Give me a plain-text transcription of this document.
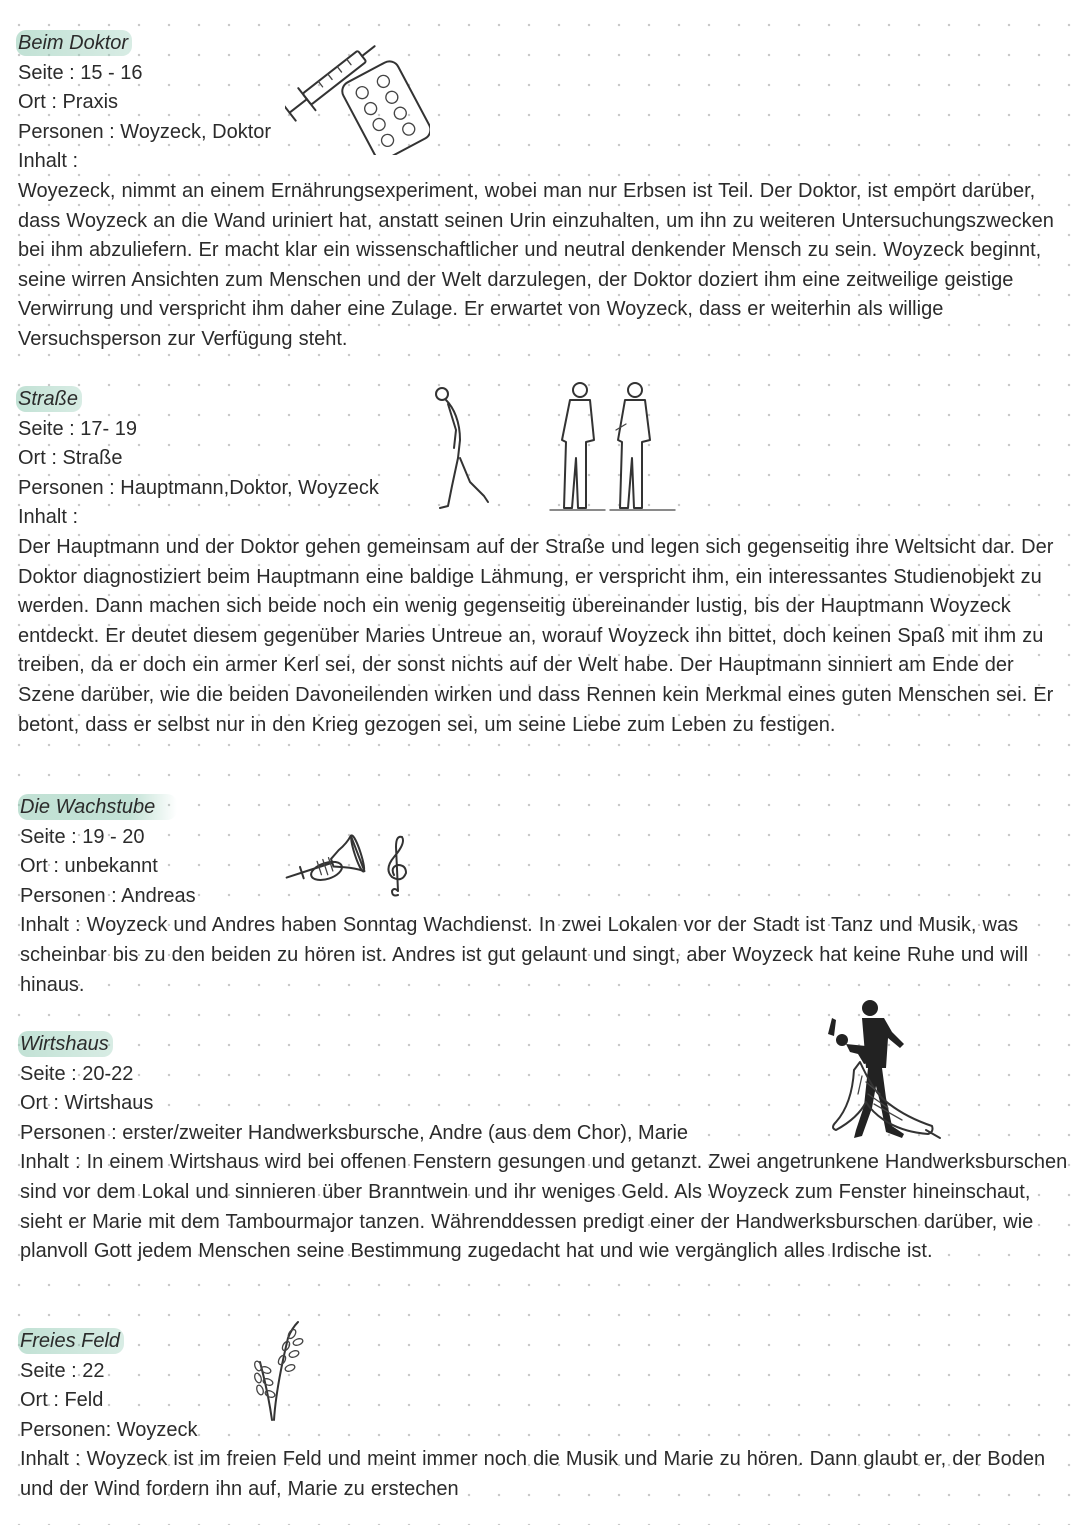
Beim Doktor
Seite : 15 - 16
Ort : Praxis
Personen : Woyzeck, Doktor
Inhalt :
Woyezeck, nimmt an einem Ernährungsexperiment, wobei man nur Erbsen ist Teil. Der Doktor, ist empört darüber, dass Woyzeck an die Wand uriniert hat, anstatt seinen Urin einzuhalten, um ihn zu weiteren Untersuchungszwecken bei ihm abzuliefern. Er macht klar ein wissenschaftlicher und neutral denkender Mensch zu sein. Woyzeck beginnt, seine wirren Ansichten zum Menschen und der Welt darzulegen, der Doktor doziert ihm eine zeitweilige geistige Verwirrung und verspricht ihm daher eine Zulage. Er erwartet von Woyzeck, dass er weiterhin als willige Versuchsperson zur Verfügung steht.
Straße
Seite : 17- 19
Ort : Straße
Personen : Hauptmann,Doktor, Woyzeck
Inhalt :
Der Hauptmann und der Doktor gehen gemeinsam auf der Straße und legen sich gegenseitig ihre Weltsicht dar. Der Doktor diagnostiziert beim Hauptmann eine baldige Lähmung, er verspricht ihm, ein interessantes Studienobjekt zu werden. Dann machen sich beide noch ein wenig gegenseitig übereinander lustig, bis der Hauptmann Woyzeck entdeckt. Er deutet diesem gegenüber Maries Untreue an, worauf Woyzeck ihn bittet, doch keinen Spaß mit ihm zu treiben, da er doch ein armer Kerl sei, der sonst nichts auf der Welt habe. Der Hauptmann sinniert am Ende der Szene darüber, wie die beiden Davoneilenden wirken und dass Rennen kein Merkmal eines guten Menschen sei. Er betont, dass er selbst nur in den Krieg gezogen sei, um seine Liebe zum Leben zu festigen.
Die Wachstube
Seite : 19 - 20
Ort : unbekannt
Personen : Andreas
Inhalt : Woyzeck und Andres haben Sonntag Wachdienst. In zwei Lokalen vor der Stadt ist Tanz und Musik, was scheinbar bis zu den beiden zu hören ist. Andres ist gut gelaunt und singt, aber Woyzeck hat keine Ruhe und will hinaus.
Wirtshaus
Seite : 20-22
Ort : Wirtshaus
Personen : erster/zweiter Handwerksbursche, Andre (aus dem Chor), Marie
Inhalt : In einem Wirtshaus wird bei offenen Fenstern gesungen und getanzt. Zwei angetrunkene Handwerksburschen sind vor dem Lokal und sinnieren über Branntwein und ihr weniges Geld. Als Woyzeck zum Fenster hineinschaut, sieht er Marie mit dem Tambourmajor tanzen. Währenddessen predigt einer der Handwerksburschen darüber, wie planvoll Gott jedem Menschen seine Bestimmung zugedacht hat und wie vergänglich alles Irdische ist.
Freies Feld
Seite : 22
Ort : Feld
Personen: Woyzeck
Inhalt : Woyzeck ist im freien Feld und meint immer noch die Musik und Marie zu hören. Dann glaubt er, der Boden und der Wind fordern ihn auf, Marie zu erstechen
